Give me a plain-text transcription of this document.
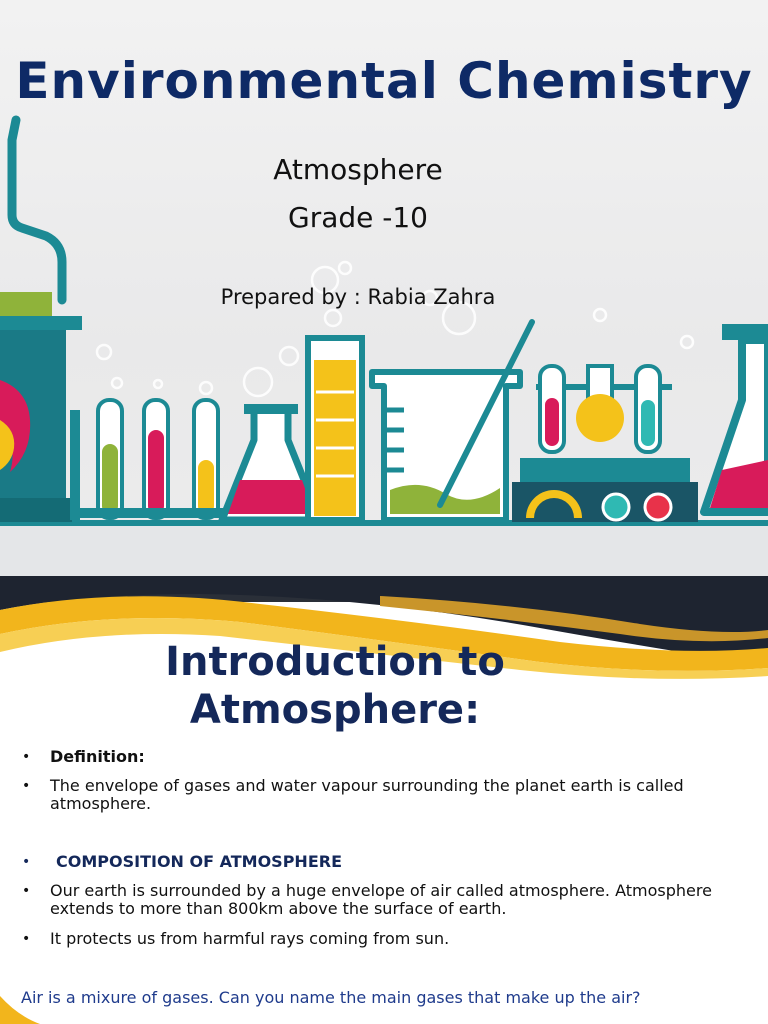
Environmental Chemistry
Atmosphere
Grade -10
Prepared by : Rabia Zahra
Introduction to
Atmosphere:
• Definition:
• The envelope of gases and water vapour surrounding the planet earth is called atmosphere.
• COMPOSITION OF ATMOSPHERE
• Our earth is surrounded by a huge envelope of air called atmosphere. Atmosphere extends to more than 800km above the surface of earth.
• It protects us from harmful rays coming from sun.
Air is a mixure of gases. Can you name the main gases that make up the air?
